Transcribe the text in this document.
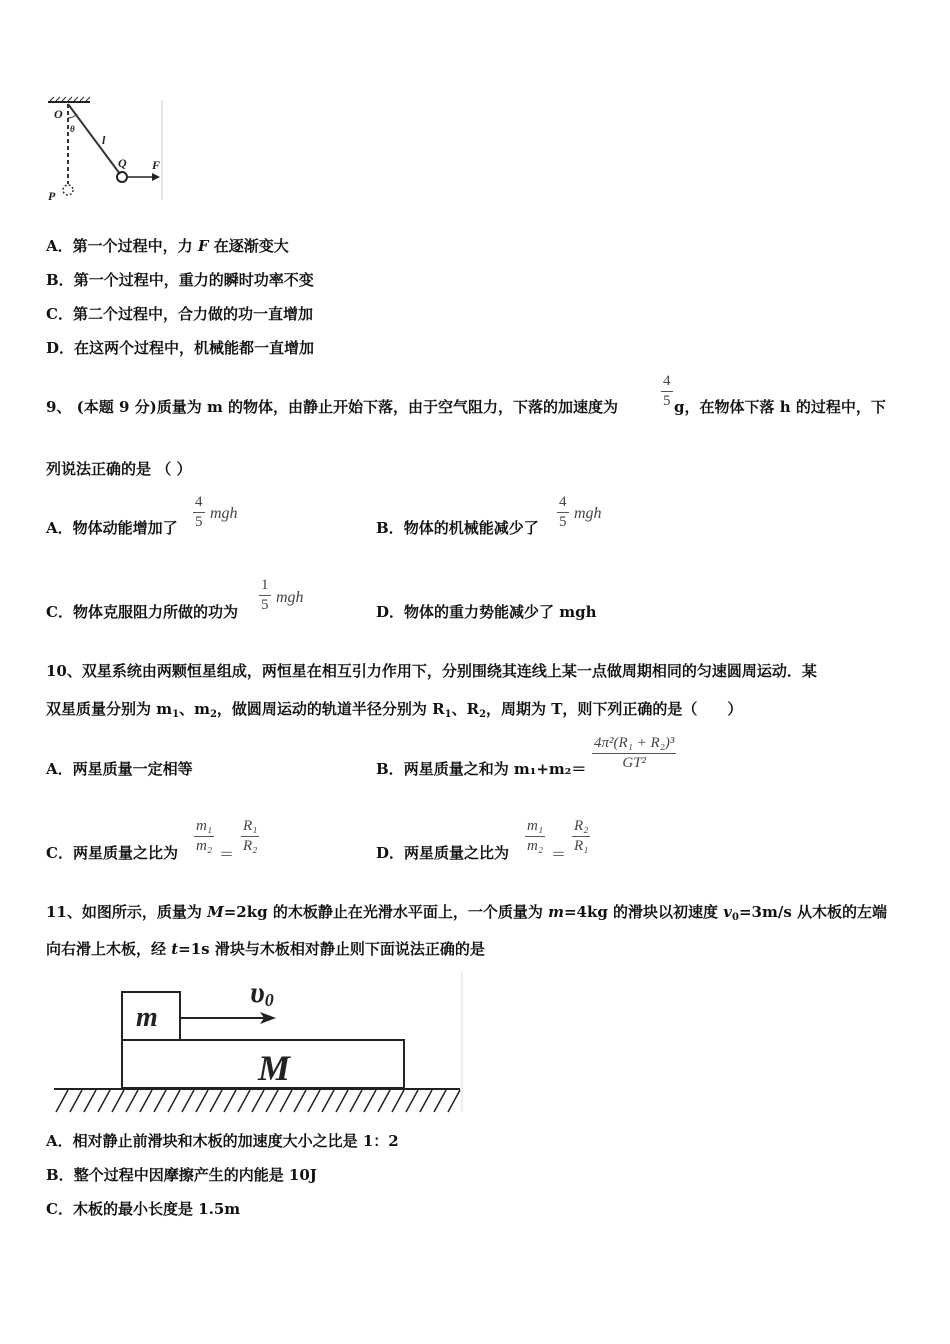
O
θ
l
Q F
P
A．第一个过程中，力 F 在逐渐变大
B．第一个过程中，重力的瞬时功率不变
C．第二个过程中，合力做的功一直增加
D．在这两个过程中，机械能都一直增加
9、 (本题 9 分)质量为 m 的物体，由静止开始下落，由于空气阻力，下落的加速度为
4
5 g，在物体下落 h 的过程中，下
列说法正确的是 （ ）
A．物体动能增加了
4
5 mgh
B．物体的机械能减少了
4
5 mgh
C．物体克服阻力所做的功为
1
5 mgh
D．物体的重力势能减少了 mgh
10、双星系统由两颗恒星组成，两恒星在相互引力作用下，分别围绕其连线上某一点做周期相同的匀速圆周运动．某
双星质量分别为 $m_1$、$m_2$，做圆周运动的轨道半径分别为 $R_1$、$R_2$，周期为 T，则下列正确的是（　　）
A．两星质量一定相等	B．两星质量之和为 m₁+m₂＝
4π²(R₁ + R₂)³
GT²
C．两星质量之比为
m₁
m₂ ＝
R₁
R₂	D．两星质量之比为
m₁
m₂ ＝
R₂
R₁
11、如图所示，质量为 M=2kg 的木板静止在光滑水平面上，一个质量为 m=4kg 的滑块以初速度 $v_0=3m/s$ 从木板的左端
向右滑上木板，经 t=1s 滑块与木板相对静止则下面说法正确的是
m
υ0
M
A．相对静止前滑块和木板的加速度大小之比是 1：2
B．整个过程中因摩擦产生的内能是 10J
C．木板的最小长度是 1.5m
